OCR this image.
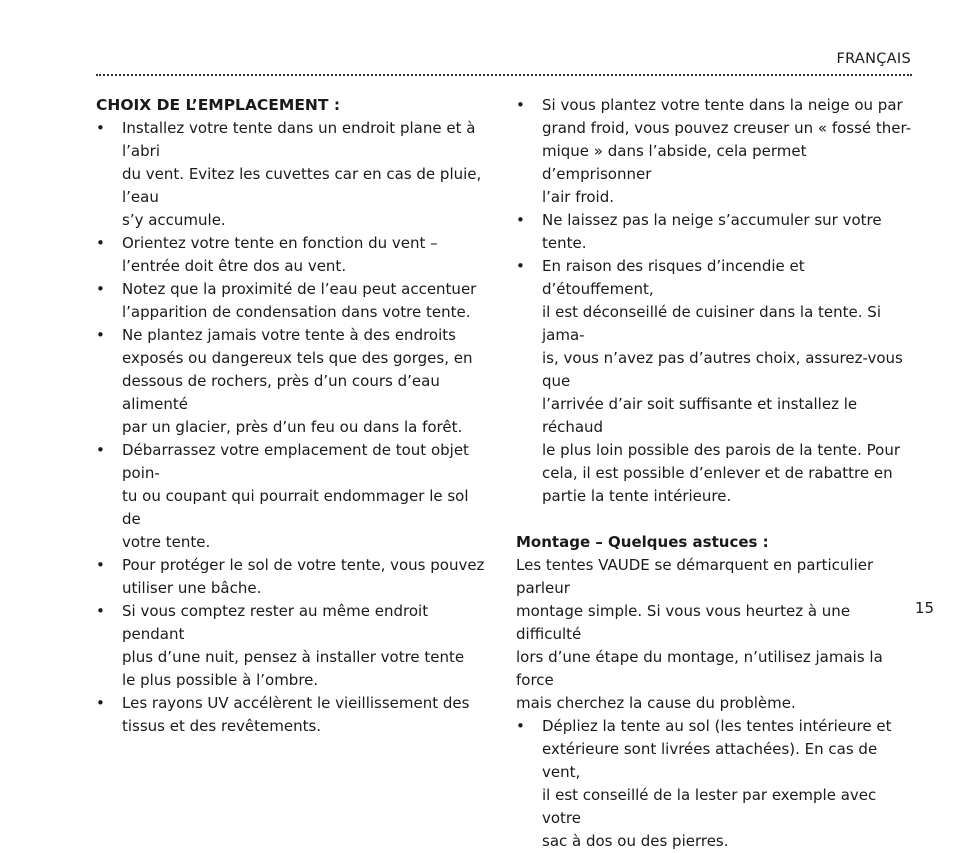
FRANÇAIS

CHOIX DE L’EMPLACEMENT :

• Installez votre tente dans un endroit plane et à l’abri
du vent. Evitez les cuvettes car en cas de pluie, l’eau
s’y accumule.
• Orientez votre tente en fonction du vent –
l’entrée doit être dos au vent.
• Notez que la proximité de l’eau peut accentuer
l’apparition de condensation dans votre tente.
• Ne plantez jamais votre tente à des endroits
exposés ou dangereux tels que des gorges, en
dessous de rochers, près d’un cours d’eau alimenté
par un glacier, près d’un feu ou dans la forêt.
• Débarrassez votre emplacement de tout objet poin-
tu ou coupant qui pourrait endommager le sol de
votre tente.
• Pour protéger le sol de votre tente, vous pouvez
utiliser une bâche.
• Si vous comptez rester au même endroit pendant
plus d’une nuit, pensez à installer votre tente
le plus possible à l’ombre.
• Les rayons UV accélèrent le vieillissement des
tissus et des revêtements.
• Si vous plantez votre tente dans la neige ou par
grand froid, vous pouvez creuser un « fossé ther-
mique » dans l’abside, cela permet d’emprisonner
l’air froid.
• Ne laissez pas la neige s’accumuler sur votre tente.
• En raison des risques d’incendie et d’étouffement,
il est déconseillé de cuisiner dans la tente. Si jama-
is, vous n’avez pas d’autres choix, assurez-vous que
l’arrivée d’air soit suffisante et installez le réchaud
le plus loin possible des parois de la tente. Pour
cela, il est possible d’enlever et de rabattre en
partie la tente intérieure.

Montage – Quelques astuces :

Les tentes VAUDE se démarquent en particulier parleur
montage simple. Si vous vous heurtez à une difficulté
lors d’une étape du montage, n’utilisez jamais la force
mais cherchez la cause du problème.

• Dépliez la tente au sol (les tentes intérieure et
extérieure sont livrées attachées). En cas de vent,
il est conseillé de la lester par exemple avec votre
sac à dos ou des pierres.
15
